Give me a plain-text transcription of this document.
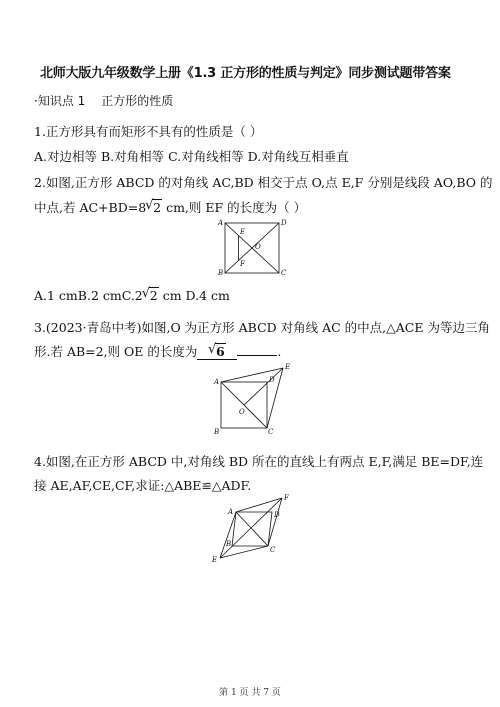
北师大版九年级数学上册《1.3 正方形的性质与判定》同步测试题带答案
·知识点 1 正方形的性质
1.正方形具有而矩形不具有的性质是（ ）
A.对边相等 B.对角相等 C.对角线相等 D.对角线互相垂直
2.如图,正方形 ABCD 的对角线 AC,BD 相交于点 O,点 E,F 分别是线段 AO,BO 的
中点,若 AC+BD=8 √ 2 cm,则 EF 的长度为（ ）
A
B	C
D
E
F
O
A.1 cmB.2 cmC.2 √ 2 cm D.4 cm
3.(2023·青岛中考)如图,O 为正方形 ABCD 对角线 AC 的中点,△ACE 为等边三角
形.若 AB=2,则 OE 的长度为 √ 6	.
A
B	C
D
E
O
4.如图,在正方形 ABCD 中,对角线 BD 所在的直线上有两点 E,F,满足 BE=DF,连
接 AE,AF,CE,CF,求证:△ABE≌△ADF.
A
B
C
D
E
F
第 1 页 共 7 页
